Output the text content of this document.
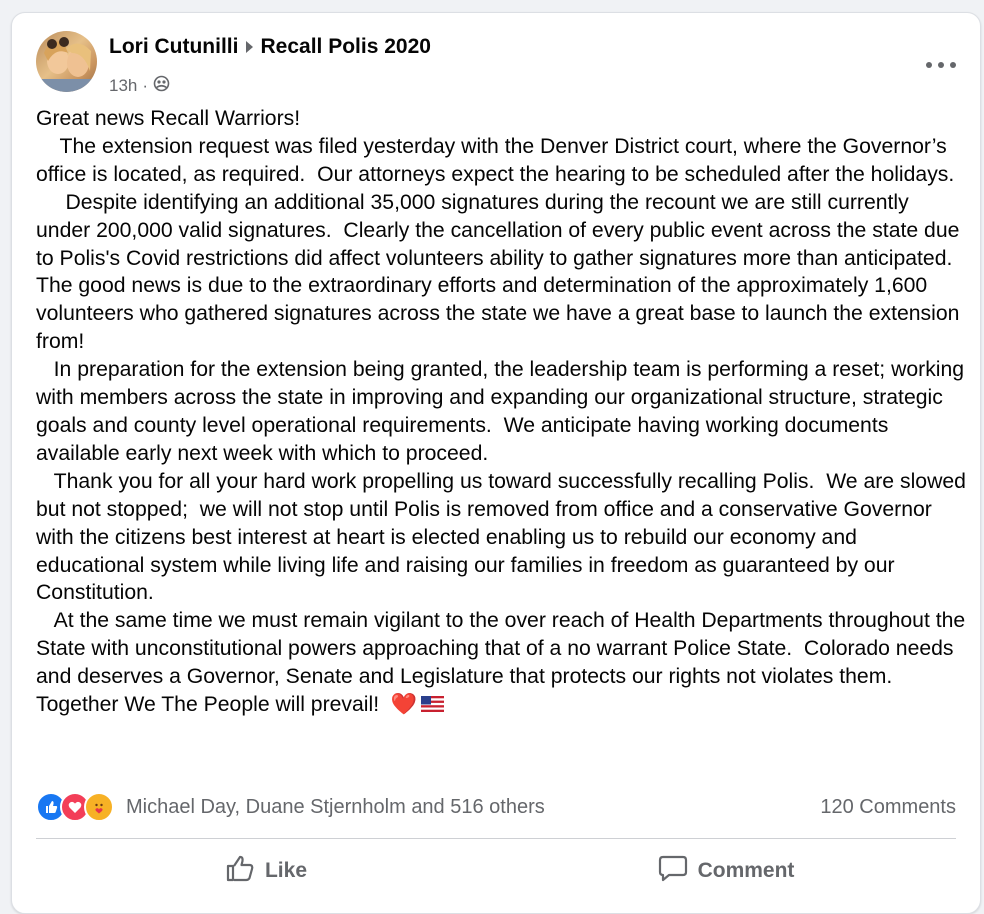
Lori Cutunilli Recall Polis 2020
13h ·
Great news Recall Warriors!
The extension request was filed yesterday with the Denver District court, where the Governor’s office is located, as required.  Our attorneys expect the hearing to be scheduled after the holidays.
Despite identifying an additional 35,000 signatures during the recount we are still currently under 200,000 valid signatures.  Clearly the cancellation of every public event across the state due to Polis's Covid restrictions did affect volunteers ability to gather signatures more than anticipated.  The good news is due to the extraordinary efforts and determination of the approximately 1,600 volunteers who gathered signatures across the state we have a great base to launch the extension from!
In preparation for the extension being granted, the leadership team is performing a reset; working with members across the state in improving and expanding our organizational structure, strategic goals and county level operational requirements.  We anticipate having working documents available early next week with which to proceed.
Thank you for all your hard work propelling us toward successfully recalling Polis.  We are slowed but not stopped;  we will not stop until Polis is removed from office and a conservative Governor with the citizens best interest at heart is elected enabling us to rebuild our economy and educational system while living life and raising our families in freedom as guaranteed by our Constitution.
At the same time we must remain vigilant to the over reach of Health Departments throughout the State with unconstitutional powers approaching that of a no warrant Police State.  Colorado needs and deserves a Governor, Senate and Legislature that protects our rights not violates them.  Together We The People will prevail!  ❤️
Michael Day, Duane Stjernholm and 516 others	120 Comments
Like	Comment
